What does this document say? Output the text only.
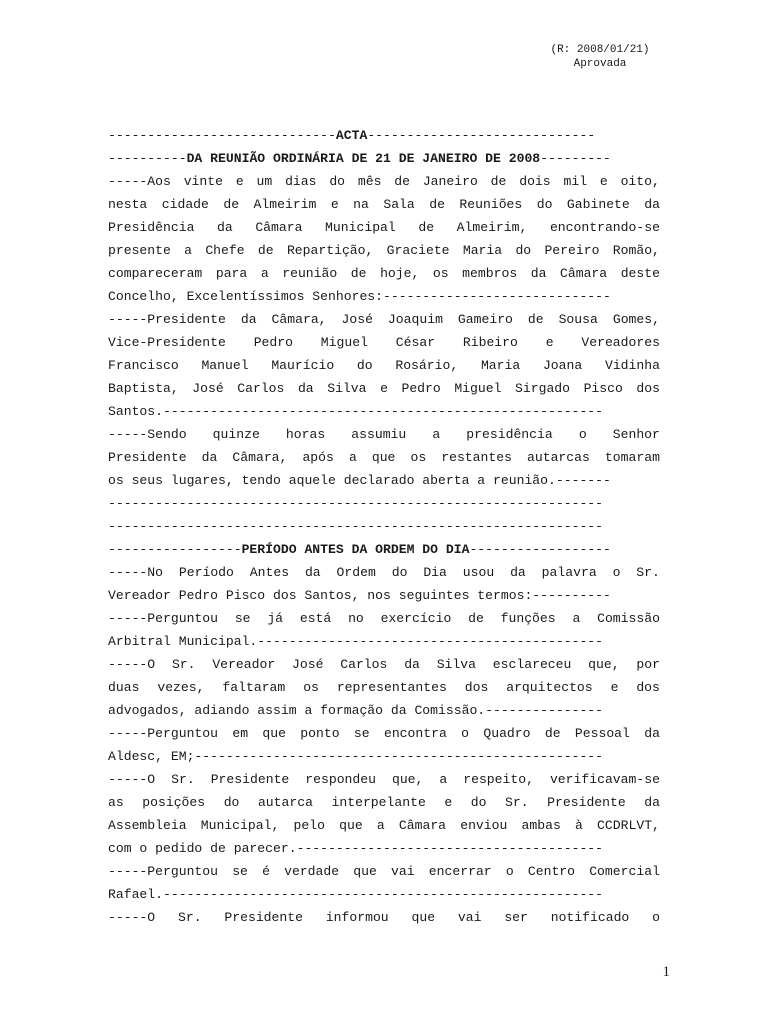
(R: 2008/01/21)
Aprovada
-----------------------------ACTA-----------------------------
----------DA REUNIÃO ORDINÁRIA DE 21 DE JANEIRO DE 2008---------
-----Aos vinte e um dias do mês de Janeiro de dois mil e oito,
nesta cidade de Almeirim e na Sala de Reuniões do Gabinete da
Presidência da Câmara Municipal de Almeirim, encontrando-se
presente a Chefe de Repartição, Graciete Maria do Pereiro Romão,
compareceram para a reunião de hoje, os membros da Câmara deste
Concelho, Excelentíssimos Senhores:-----------------------------
-----Presidente da Câmara, José Joaquim Gameiro de Sousa Gomes,
Vice-Presidente Pedro Miguel César Ribeiro e Vereadores
Francisco Manuel Maurício do Rosário, Maria Joana Vidinha
Baptista, José Carlos da Silva e Pedro Miguel Sirgado Pisco dos
Santos.--------------------------------------------------------
-----Sendo quinze horas assumiu a presidência o Senhor
Presidente da Câmara, após a que os restantes autarcas tomaram
os seus lugares, tendo aquele declarado aberta a reunião.-------
---------------------------------------------------------------
---------------------------------------------------------------
-----------------PERÍODO ANTES DA ORDEM DO DIA------------------
-----No Período Antes da Ordem do Dia usou da palavra o Sr.
Vereador Pedro Pisco dos Santos, nos seguintes termos:----------
-----Perguntou se já está no exercício de funções a Comissão
Arbitral Municipal.--------------------------------------------
-----O Sr. Vereador José Carlos da Silva esclareceu que, por
duas vezes, faltaram os representantes dos arquitectos e dos
advogados, adiando assim a formação da Comissão.---------------
-----Perguntou em que ponto se encontra o Quadro de Pessoal da
Aldesc, EM;----------------------------------------------------
-----O Sr. Presidente respondeu que, a respeito, verificavam-se
as posições do autarca interpelante e do Sr. Presidente da
Assembleia Municipal, pelo que a Câmara enviou ambas à CCDRLVT,
com o pedido de parecer.---------------------------------------
-----Perguntou se é verdade que vai encerrar o Centro Comercial
Rafael.--------------------------------------------------------
-----O Sr. Presidente informou que vai ser notificado o
1
